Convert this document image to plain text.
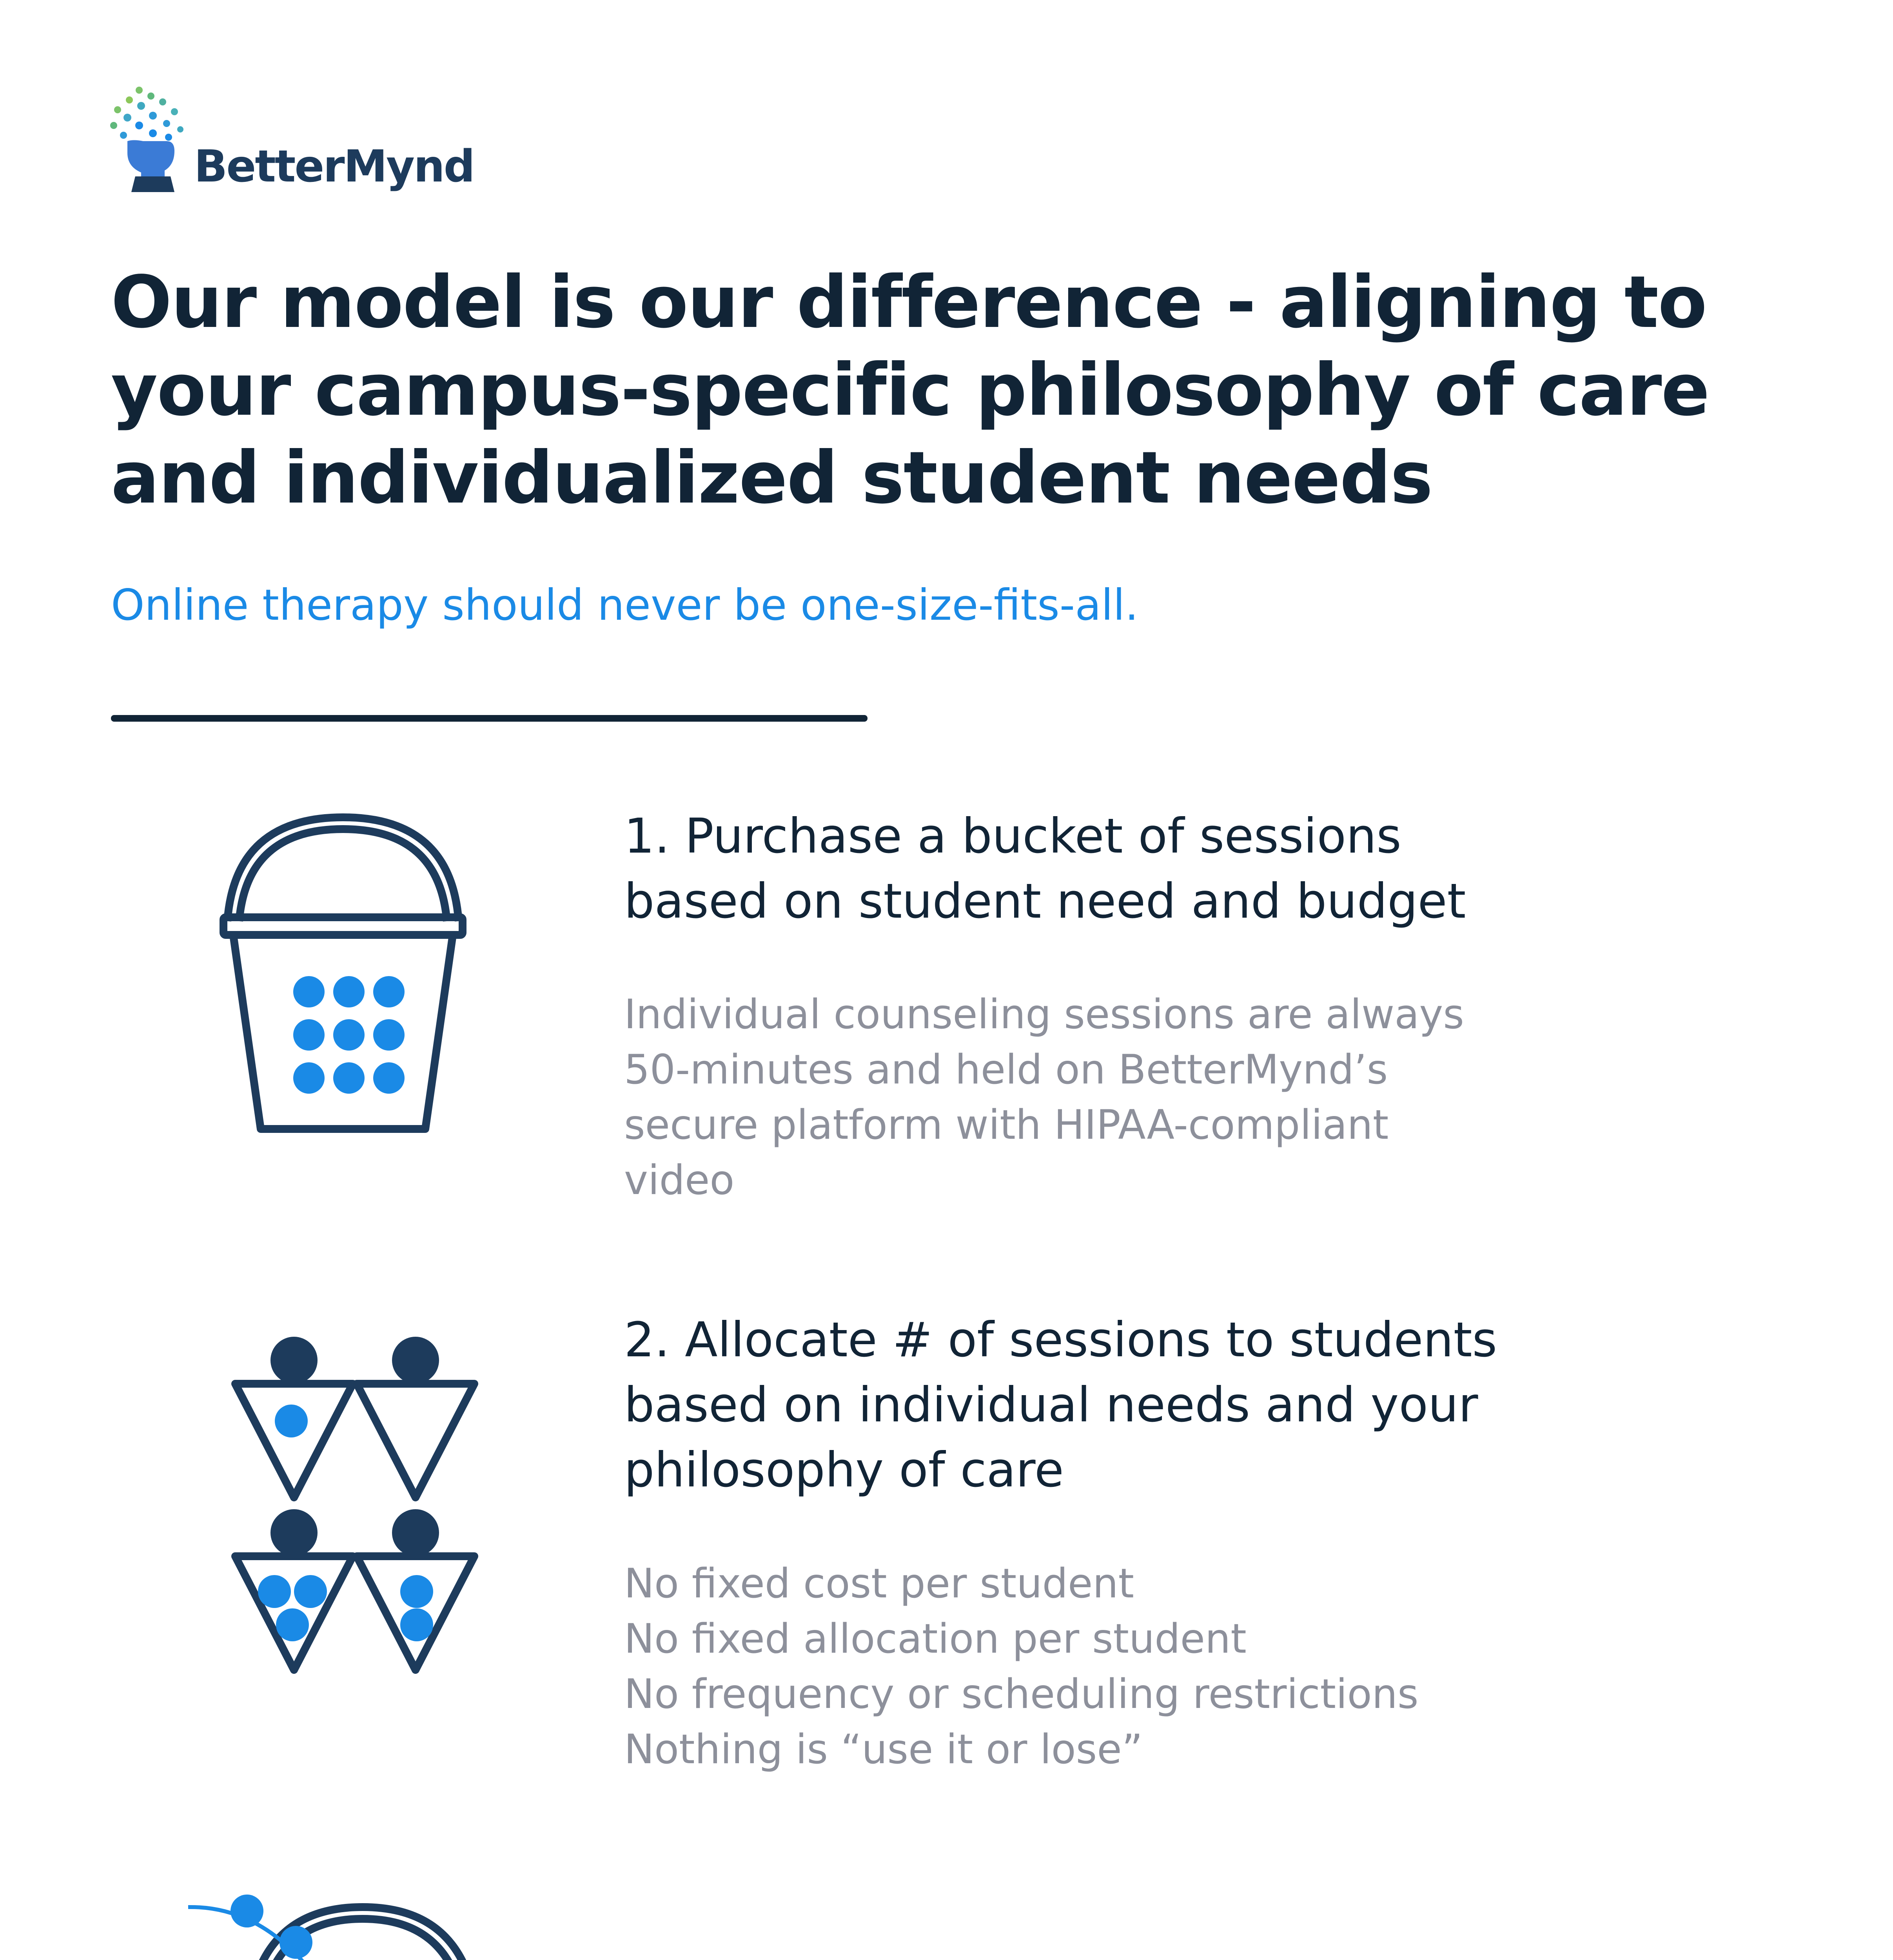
BetterMynd
Our model is our difference - aligning to
your campus-specific philosophy of care
and individualized student needs
Online therapy should never be one-size-fits-all.
1. Purchase a bucket of sessions
based on student need and budget
Individual counseling sessions are always
50-minutes and held on BetterMynd’s
secure platform with HIPAA-compliant
video
2. Allocate # of sessions to students
based on individual needs and your
philosophy of care
No fixed cost per student
No fixed allocation per student
No frequency or scheduling restrictions
Nothing is “use it or lose”
